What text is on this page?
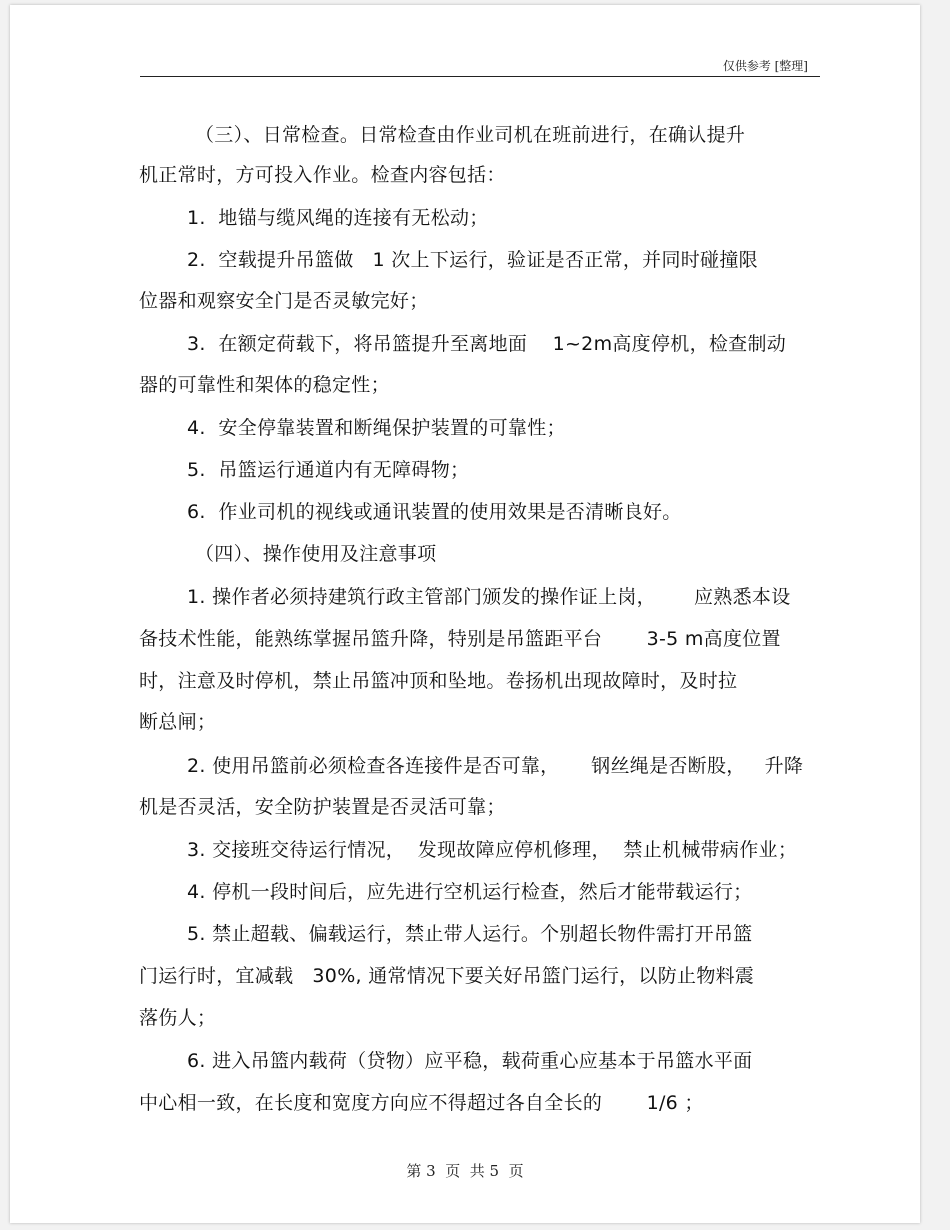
仅供参考 [整理]
（三）、日常检查。日常检查由作业司机在班前进行，在确认提升
机正常时，方可投入作业。检查内容包括：
1.  地锚与缆风绳的连接有无松动；
2.  空载提升吊篮做   1 次上下运行，验证是否正常，并同时碰撞限
位器和观察安全门是否灵敏完好；
3.  在额定荷载下，将吊篮提升至离地面    1~2m高度停机，检查制动
器的可靠性和架体的稳定性；
4.  安全停靠装置和断绳保护装置的可靠性；
5.  吊篮运行通道内有无障碍物；
6.  作业司机的视线或通讯装置的使用效果是否清晰良好。
（四）、操作使用及注意事项
1. 操作者必须持建筑行政主管部门颁发的操作证上岗，      应熟悉本设
备技术性能，能熟练掌握吊篮升降，特别是吊篮距平台       3-5 m高度位置
时，注意及时停机，禁止吊篮冲顶和坠地。卷扬机出现故障时，及时拉
断总闸；
2. 使用吊篮前必须检查各连接件是否可靠，     钢丝绳是否断股，   升降
机是否灵活，安全防护装置是否灵活可靠；
3. 交接班交待运行情况，  发现故障应停机修理，  禁止机械带病作业；
4. 停机一段时间后，应先进行空机运行检查，然后才能带载运行；
5. 禁止超载、偏载运行，禁止带人运行。个别超长物件需打开吊篮
门运行时，宜减载   30%, 通常情况下要关好吊篮门运行，以防止物料震
落伤人；
6. 进入吊篮内载荷（贷物）应平稳，载荷重心应基本于吊篮水平面
中心相一致，在长度和宽度方向应不得超过各自全长的       1/6 ；
第 3  页  共 5  页
